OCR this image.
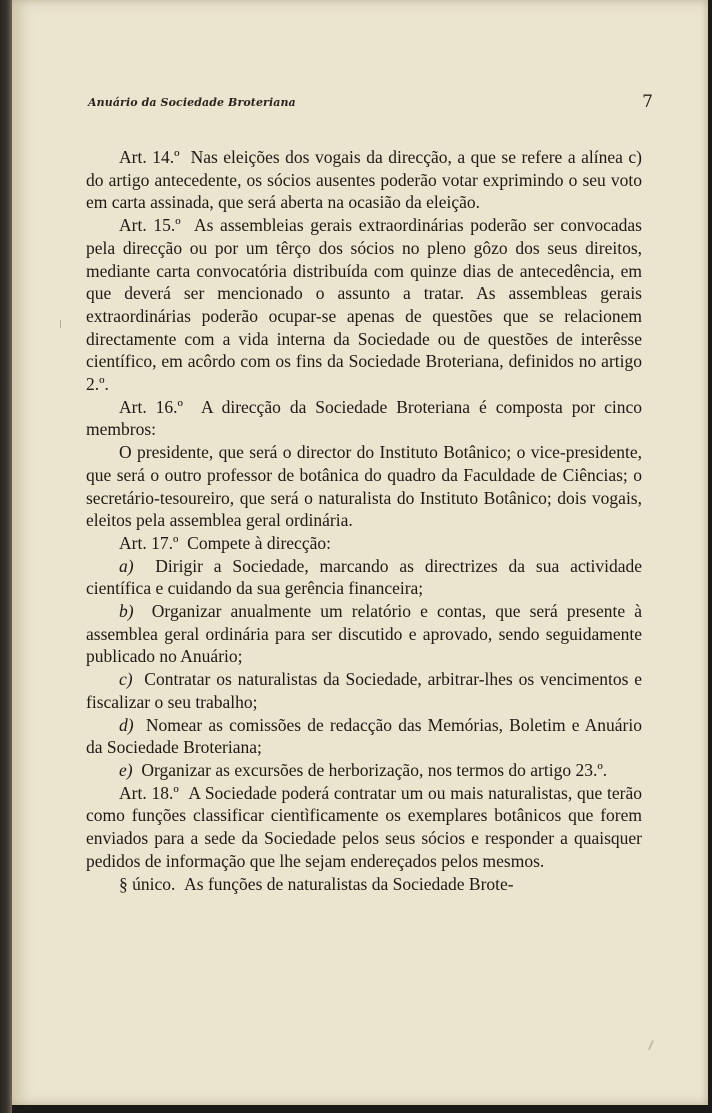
Anuário da Sociedade Broteriana	7

Art. 14.º Nas eleições dos vogais da direcção, a que se refere a alínea c) do artigo antecedente, os sócios ausentes poderão votar exprimindo o seu voto em carta assinada, que será aberta na ocasião da eleição.

Art. 15.º As assembleias gerais extraordinárias poderão ser convocadas pela direcção ou por um têrço dos sócios no pleno gôzo dos seus direitos, mediante carta convocatória distribuída com quinze dias de antecedência, em que deverá ser mencionado o assunto a tratar. As assembleas gerais extraordinárias poderão ocupar-se apenas de questões que se relacionem directamente com a vida interna da Sociedade ou de questões de interêsse científico, em acôrdo com os fins da Sociedade Broteriana, definidos no artigo 2.º.

Art. 16.º A direcção da Sociedade Broteriana é composta por cinco membros:

O presidente, que será o director do Instituto Botânico; o vice-presidente, que será o outro professor de botânica do quadro da Faculdade de Ciências; o secretário-tesoureiro, que será o naturalista do Instituto Botânico; dois vogais, eleitos pela assemblea geral ordinária.

Art. 17.º Compete à direcção:

a) Dirigir a Sociedade, marcando as directrizes da sua actividade científica e cuidando da sua gerência financeira;

b) Organizar anualmente um relatório e contas, que será presente à assemblea geral ordinária para ser discutido e aprovado, sendo seguidamente publicado no Anuário;

c) Contratar os naturalistas da Sociedade, arbitrar-lhes os vencimentos e fiscalizar o seu trabalho;

d) Nomear as comissões de redacção das Memórias, Boletim e Anuário da Sociedade Broteriana;

e) Organizar as excursões de herborização, nos termos do artigo 23.º.

Art. 18.º A Sociedade poderá contratar um ou mais naturalistas, que terão como funções classificar cientìficamente os exemplares botânicos que forem enviados para a sede da Sociedade pelos seus sócios e responder a quaisquer pedidos de informação que lhe sejam endereçados pelos mesmos.

§ único. As funções de naturalistas da Sociedade Brote-
